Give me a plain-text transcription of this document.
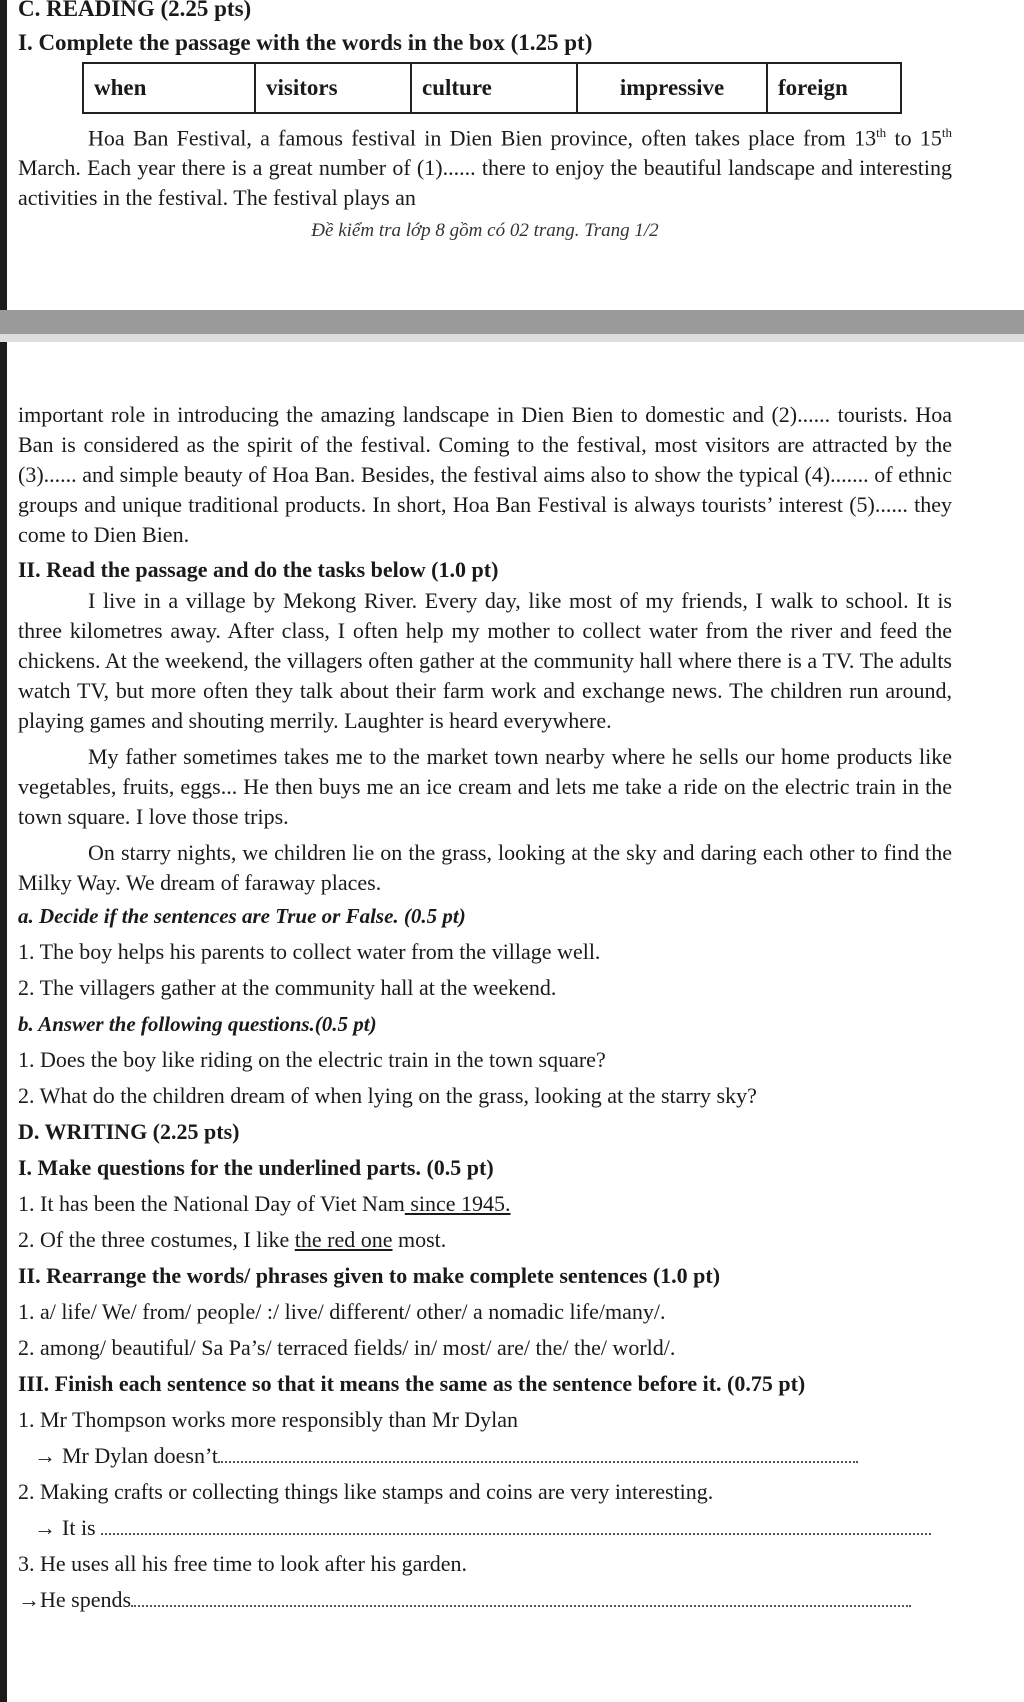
C. READING (2.25 pts)

I. Complete the passage with the words in the box (1.25 pt)

when	visitors	culture	impressive	foreign

Hoa Ban Festival, a famous festival in Dien Bien province, often takes place from 13th to 15th March. Each year there is a great number of (1)...... there to enjoy the beautiful landscape and interesting activities in the festival. The festival plays an

Đề kiểm tra lớp 8 gồm có 02 trang. Trang 1/2

important role in introducing the amazing landscape in Dien Bien to domestic and (2)...... tourists. Hoa Ban is considered as the spirit of the festival. Coming to the festival, most visitors are attracted by the (3)...... and simple beauty of Hoa Ban. Besides, the festival aims also to show the typical (4)....... of ethnic groups and unique traditional products. In short, Hoa Ban Festival is always tourists’ interest (5)...... they come to Dien Bien.

II. Read the passage and do the tasks below (1.0 pt)

I live in a village by Mekong River. Every day, like most of my friends, I walk to school. It is three kilometres away. After class, I often help my mother to collect water from the river and feed the chickens. At the weekend, the villagers often gather at the community hall where there is a TV. The adults watch TV, but more often they talk about their farm work and exchange news. The children run around, playing games and shouting merrily. Laughter is heard everywhere.

My father sometimes takes me to the market town nearby where he sells our home products like vegetables, fruits, eggs... He then buys me an ice cream and lets me take a ride on the electric train in the town square. I love those trips.

On starry nights, we children lie on the grass, looking at the sky and daring each other to find the Milky Way. We dream of faraway places.

a. Decide if the sentences are True or False. (0.5 pt)

1. The boy helps his parents to collect water from the village well.

2. The villagers gather at the community hall at the weekend.

b. Answer the following questions.(0.5 pt)

1. Does the boy like riding on the electric train in the town square?

2. What do the children dream of when lying on the grass, looking at the starry sky?

D. WRITING (2.25 pts)

I. Make questions for the underlined parts. (0.5 pt)

1. It has been the National Day of Viet Nam since 1945.

2. Of the three costumes, I like the red one most.

II. Rearrange the words/ phrases given to make complete sentences (1.0 pt)

1. a/ life/ We/ from/ people/ :/ live/ different/ other/ a nomadic life/many/.

2. among/ beautiful/ Sa Pa’s/ terraced fields/ in/ most/ are/ the/ the/ world/.

III. Finish each sentence so that it means the same as the sentence before it. (0.75 pt)

1. Mr Thompson works more responsibly than Mr Dylan

→ Mr Dylan doesn’t

2. Making crafts or collecting things like stamps and coins are very interesting.

→ It is

3. He uses all his free time to look after his garden.

→He spends
